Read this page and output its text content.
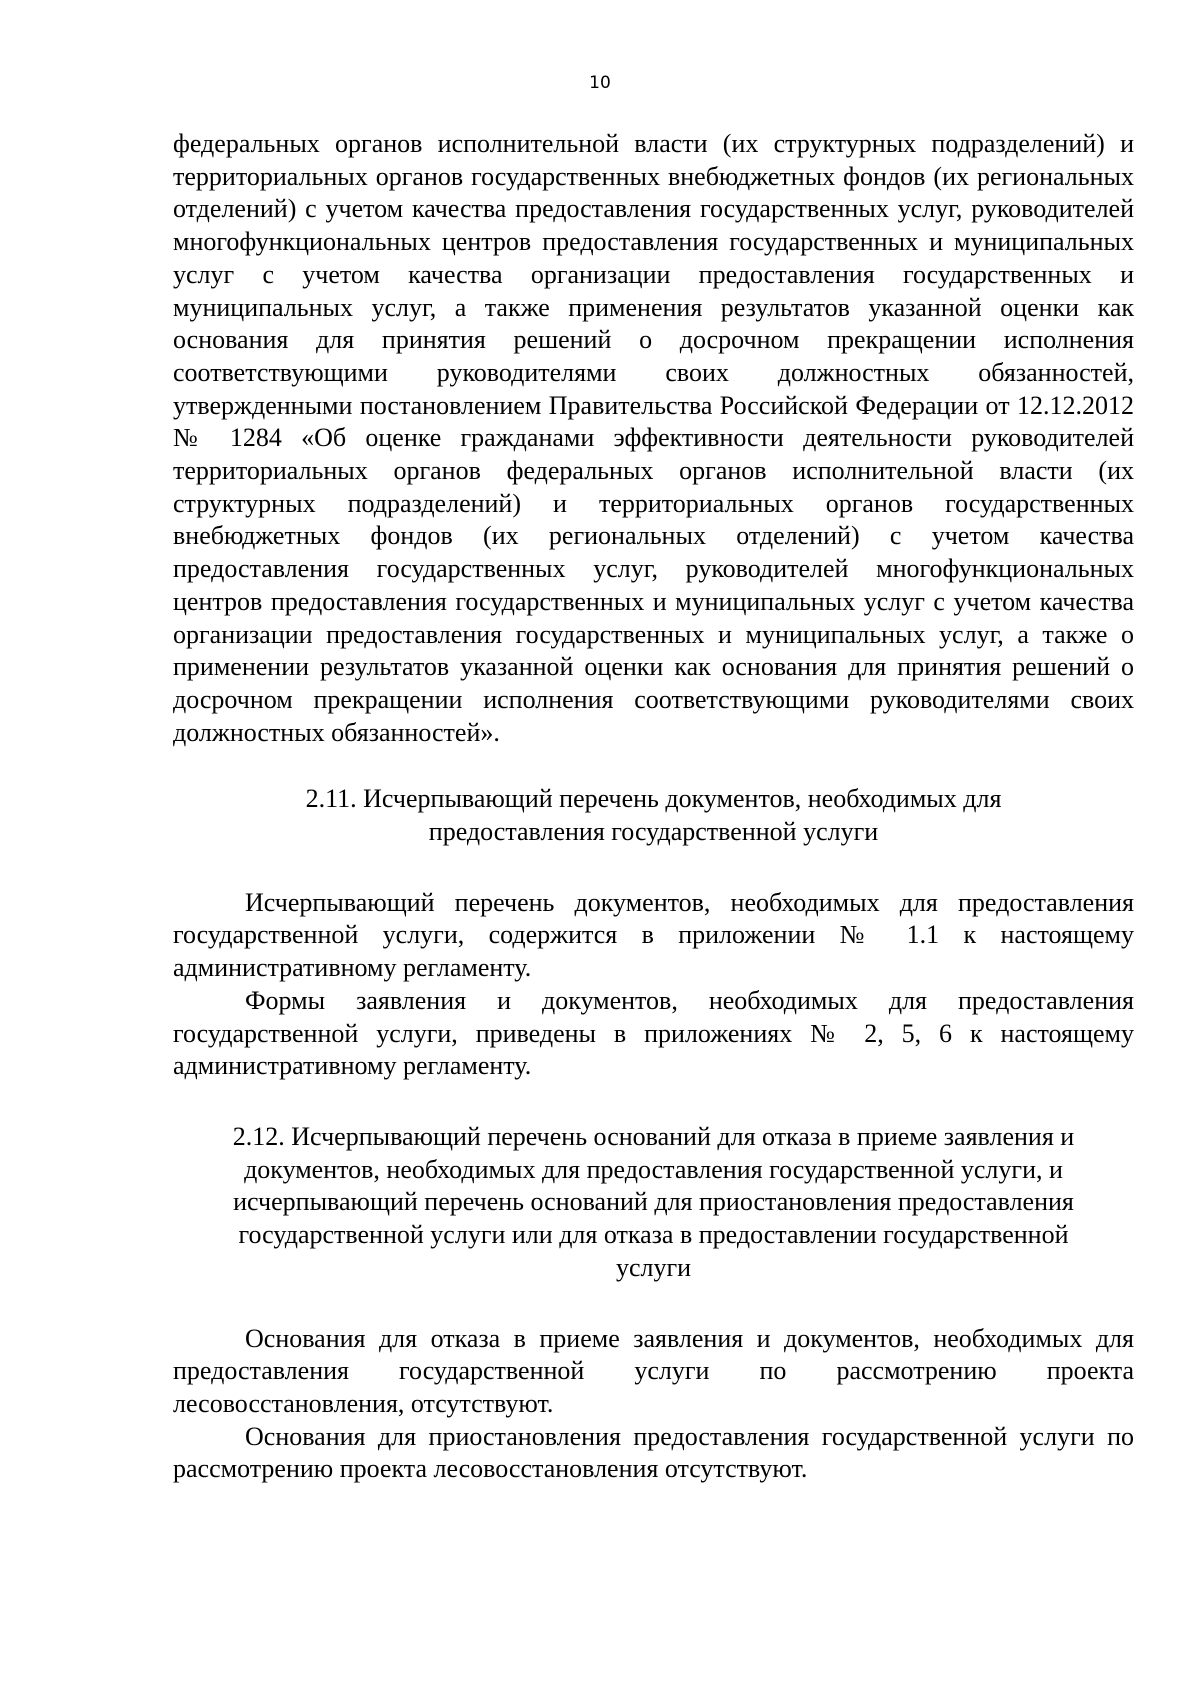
10

федеральных органов исполнительной власти (их структурных подразделений) и территориальных органов государственных внебюджетных фондов (их региональных отделений) с учетом качества предоставления государственных услуг, руководителей многофункциональных центров предоставления государственных и муниципальных услуг с учетом качества организации предоставления государственных и муниципальных услуг, а также применения результатов указанной оценки как основания для принятия решений о досрочном прекращении исполнения соответствующими руководителями своих должностных обязанностей, утвержденными постановлением Правительства Российской Федерации от 12.12.2012 № 1284 «Об оценке гражданами эффективности деятельности руководителей территориальных органов федеральных органов исполнительной власти (их структурных подразделений) и территориальных органов государственных внебюджетных фондов (их региональных отделений) с учетом качества предоставления государственных услуг, руководителей многофункциональных центров предоставления государственных и муниципальных услуг с учетом качества организации предоставления государственных и муниципальных услуг, а также о применении результатов указанной оценки как основания для принятия решений о досрочном прекращении исполнения соответствующими руководителями своих должностных обязанностей».

2.11. Исчерпывающий перечень документов, необходимых для
предоставления государственной услуги

Исчерпывающий перечень документов, необходимых для предоставления государственной услуги, содержится в приложении № 1.1 к настоящему административному регламенту.

Формы заявления и документов, необходимых для предоставления государственной услуги, приведены в приложениях № 2, 5, 6 к настоящему административному регламенту.

2.12. Исчерпывающий перечень оснований для отказа в приеме заявления и
документов, необходимых для предоставления государственной услуги, и
исчерпывающий перечень оснований для приостановления предоставления
государственной услуги или для отказа в предоставлении государственной
услуги

Основания для отказа в приеме заявления и документов, необходимых для предоставления государственной услуги по рассмотрению проекта лесовосстановления, отсутствуют.

Основания для приостановления предоставления государственной услуги по рассмотрению проекта лесовосстановления отсутствуют.
